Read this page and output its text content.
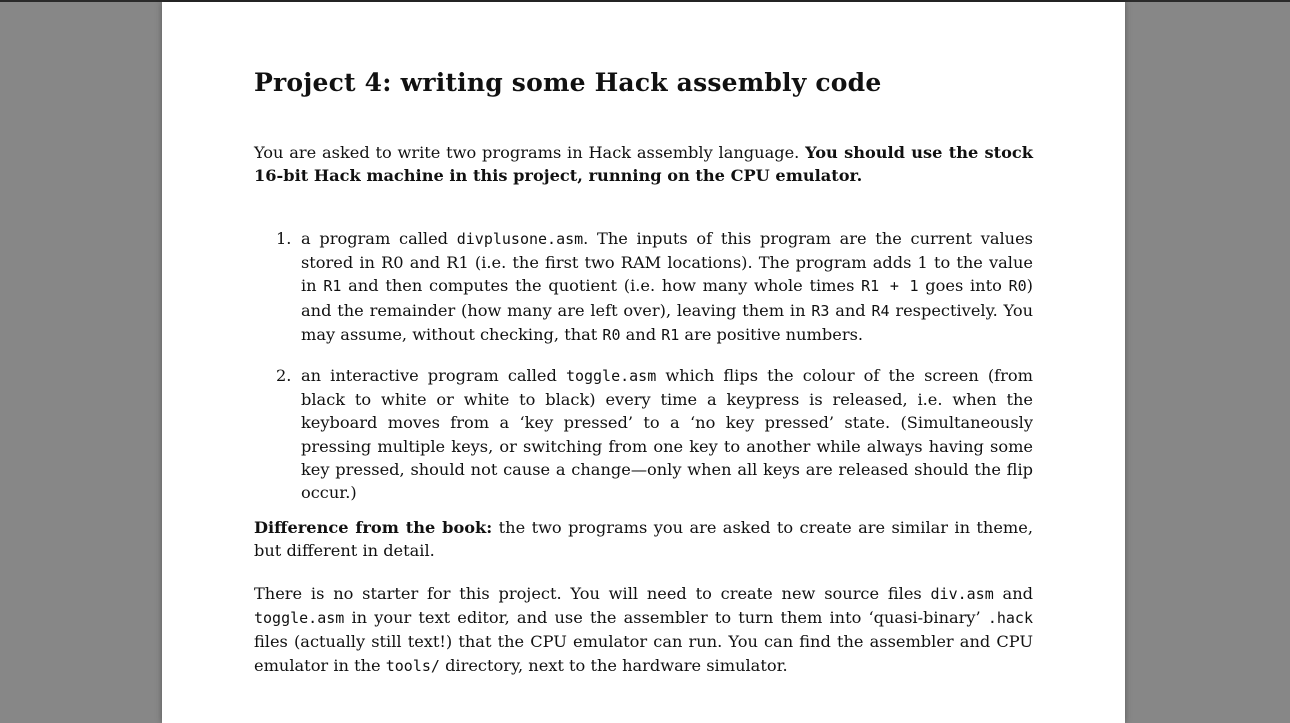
Project 4: writing some Hack assembly code

You are asked to write two programs in Hack assembly language. You should use the stock 16-bit Hack machine in this project, running on the CPU emulator.

1. a program called divplusone.asm. The inputs of this program are the current values stored in R0 and R1 (i.e. the first two RAM locations). The program adds 1 to the value in R1 and then computes the quotient (i.e. how many whole times R1 + 1 goes into R0) and the remainder (how many are left over), leaving them in R3 and R4 respectively. You may assume, without checking, that R0 and R1 are positive numbers.
2. an interactive program called toggle.asm which flips the colour of the screen (from black to white or white to black) every time a keypress is released, i.e. when the keyboard moves from a ‘key pressed’ to a ‘no key pressed’ state. (Simultaneously pressing multiple keys, or switching from one key to another while always having some key pressed, should not cause a change—only when all keys are released should the flip occur.)

Difference from the book: the two programs you are asked to create are similar in theme, but different in detail.

There is no starter for this project. You will need to create new source files div.asm and toggle.asm in your text editor, and use the assembler to turn them into ‘quasi-binary’ .hack files (actually still text!) that the CPU emulator can run. You can find the assembler and CPU emulator in the tools/ directory, next to the hardware simulator.
